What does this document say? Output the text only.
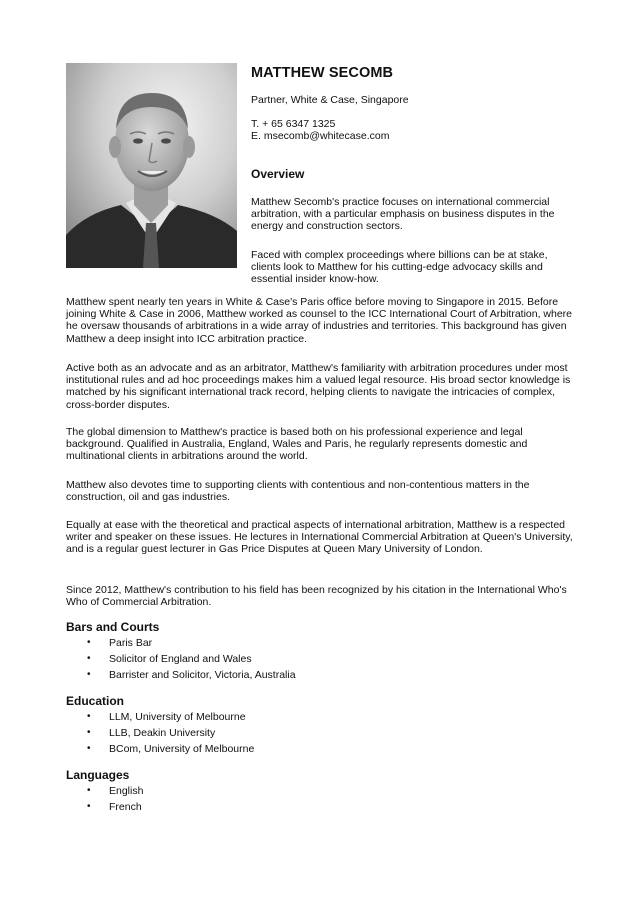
MATTHEW SECOMB
Partner, White & Case, Singapore
T. + 65 6347 1325
E. msecomb@whitecase.com
Overview
Matthew Secomb's practice focuses on international commercial arbitration, with a particular emphasis on business disputes in the energy and construction sectors.
Faced with complex proceedings where billions can be at stake, clients look to Matthew for his cutting-edge advocacy skills and essential insider know-how.
Matthew spent nearly ten years in White & Case's Paris office before moving to Singapore in 2015. Before joining White & Case in 2006, Matthew worked as counsel to the ICC International Court of Arbitration, where he oversaw thousands of arbitrations in a wide array of industries and territories. This background has given Matthew a deep insight into ICC arbitration practice.
Active both as an advocate and as an arbitrator, Matthew's familiarity with arbitration procedures under most institutional rules and ad hoc proceedings makes him a valued legal resource. His broad sector knowledge is matched by his significant international track record, helping clients to navigate the intricacies of complex, cross-border disputes.
The global dimension to Matthew's practice is based both on his professional experience and legal background. Qualified in Australia, England, Wales and Paris, he regularly represents domestic and multinational clients in arbitrations around the world.
Matthew also devotes time to supporting clients with contentious and non-contentious matters in the construction, oil and gas industries.
Equally at ease with the theoretical and practical aspects of international arbitration, Matthew is a respected writer and speaker on these issues. He lectures in International Commercial Arbitration at Queen's University, and is a regular guest lecturer in Gas Price Disputes at Queen Mary University of London.
Since 2012, Matthew's contribution to his field has been recognized by his citation in the International Who's Who of Commercial Arbitration.
Bars and Courts
• Paris Bar
• Solicitor of England and Wales
• Barrister and Solicitor, Victoria, Australia
Education
• LLM, University of Melbourne
• LLB, Deakin University
• BCom, University of Melbourne
Languages
• English
• French
